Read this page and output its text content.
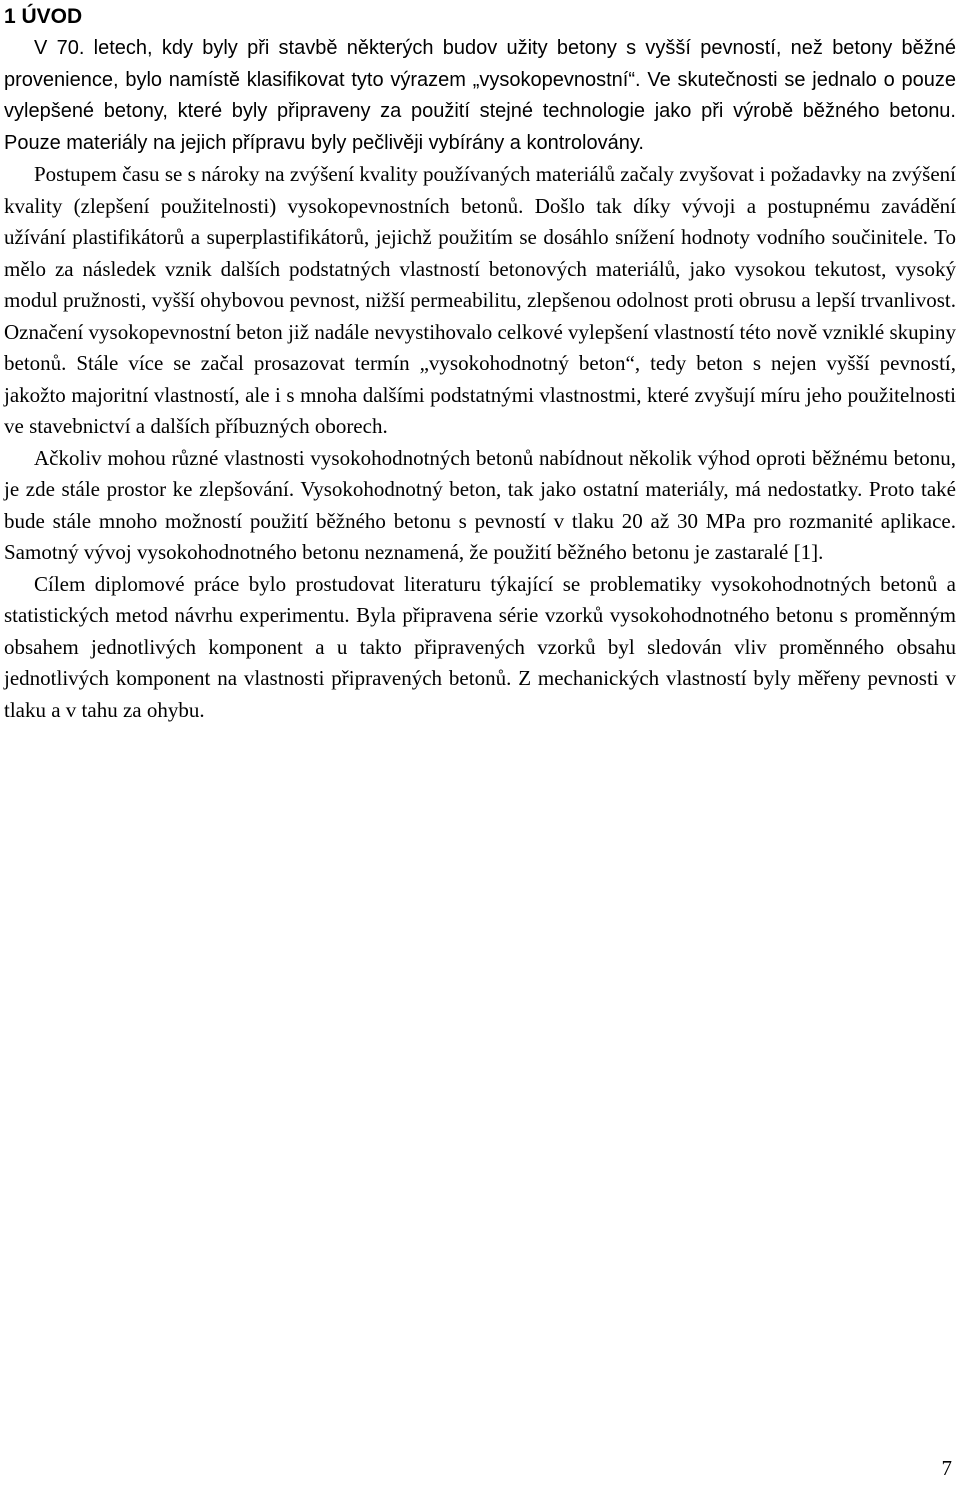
1 ÚVOD

V 70. letech, kdy byly při stavbě některých budov užity betony s vyšší pevností, než betony běžné provenience, bylo namístě klasifikovat tyto výrazem „vysokopevnostní“. Ve skutečnosti se jednalo o pouze vylepšené betony, které byly připraveny za použití stejné technologie jako při výrobě běžného betonu. Pouze materiály na jejich přípravu byly pečlivěji vybírány a kontrolovány.

Postupem času se s nároky na zvýšení kvality používaných materiálů začaly zvyšovat i požadavky na zvýšení kvality (zlepšení použitelnosti) vysokopevnostních betonů. Došlo tak díky vývoji a postupnému zavádění užívání plastifikátorů a superplastifikátorů, jejichž použitím se dosáhlo snížení hodnoty vodního součinitele. To mělo za následek vznik dalších podstatných vlastností betonových materiálů, jako vysokou tekutost, vysoký modul pružnosti, vyšší ohybovou pevnost, nižší permeabilitu, zlepšenou odolnost proti obrusu a lepší trvanlivost. Označení vysokopevnostní beton již nadále nevystihovalo celkové vylepšení vlastností této nově vzniklé skupiny betonů. Stále více se začal prosazovat termín „vysokohodnotný beton“, tedy beton s nejen vyšší pevností, jakožto majoritní vlastností, ale i s mnoha dalšími podstatnými vlastnostmi, které zvyšují míru jeho použitelnosti ve stavebnictví a dalších příbuzných oborech.

Ačkoliv mohou různé vlastnosti vysokohodnotných betonů nabídnout několik výhod oproti běžnému betonu, je zde stále prostor ke zlepšování. Vysokohodnotný beton, tak jako ostatní materiály, má nedostatky. Proto také bude stále mnoho možností použití běžného betonu s pevností v tlaku 20 až 30 MPa pro rozmanité aplikace. Samotný vývoj vysokohodnotného betonu neznamená, že použití běžného betonu je zastaralé [1].

Cílem diplomové práce bylo prostudovat literaturu týkající se problematiky vysokohodnotných betonů a statistických metod návrhu experimentu. Byla připravena série vzorků vysokohodnotného betonu s proměnným obsahem jednotlivých komponent a u takto připravených vzorků byl sledován vliv proměnného obsahu jednotlivých komponent na vlastnosti připravených betonů. Z mechanických vlastností byly měřeny pevnosti v tlaku a v tahu za ohybu.

7
